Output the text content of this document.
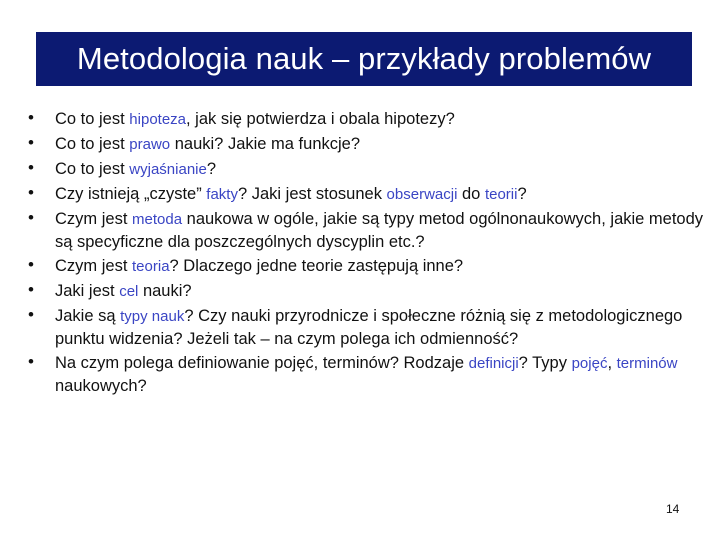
Metodologia nauk – przykłady problemów
• Co to jest hipoteza, jak się potwierdza i obala hipotezy?
• Co to jest prawo nauki? Jakie ma funkcje?
• Co to jest wyjaśnianie?
• Czy istnieją „czyste” fakty? Jaki jest stosunek obserwacji do teorii?
• Czym jest metoda naukowa w ogóle, jakie są typy metod ogólnonaukowych, jakie metody są specyficzne dla poszczególnych dyscyplin etc.?
• Czym jest teoria? Dlaczego jedne teorie zastępują inne?
• Jaki jest cel nauki?
• Jakie są typy nauk? Czy nauki przyrodnicze i społeczne różnią się z metodologicznego punktu widzenia? Jeżeli tak – na czym polega ich odmienność?
• Na czym polega definiowanie pojęć, terminów? Rodzaje definicji? Typy pojęć, terminów naukowych?
14
